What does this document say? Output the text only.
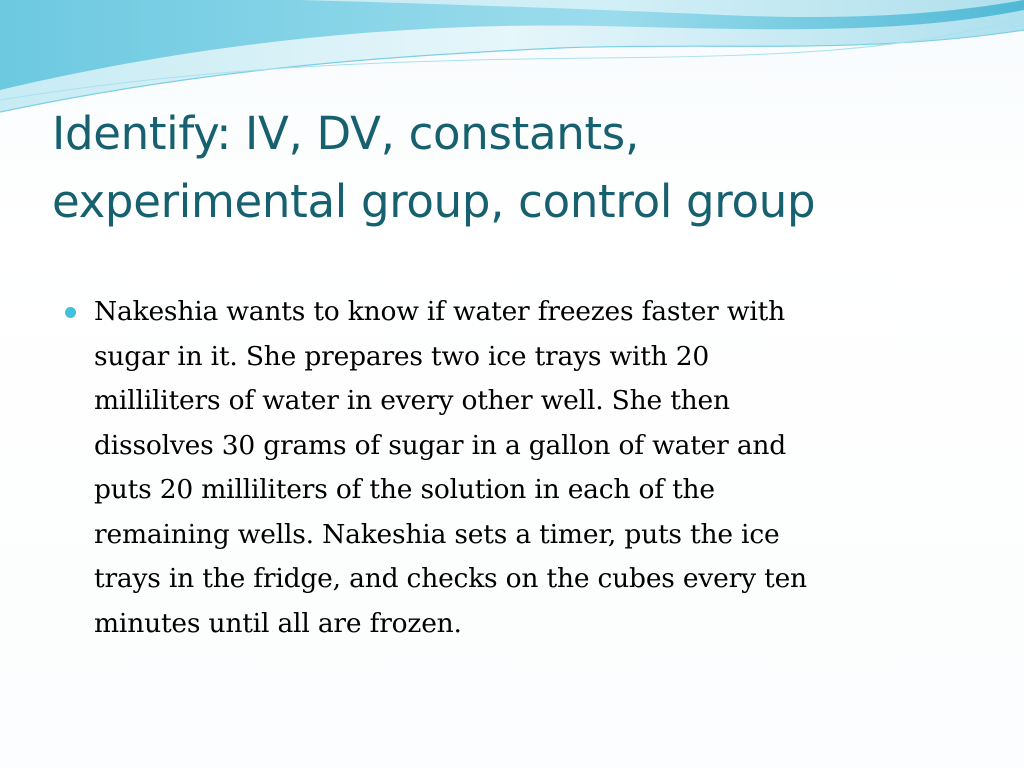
Identify: IV, DV, constants,
experimental group, control group
Nakeshia wants to know if water freezes faster with
sugar in it. She prepares two ice trays with 20
milliliters of water in every other well. She then
dissolves 30 grams of sugar in a gallon of water and
puts 20 milliliters of the solution in each of the
remaining wells. Nakeshia sets a timer, puts the ice
trays in the fridge, and checks on the cubes every ten
minutes until all are frozen.
